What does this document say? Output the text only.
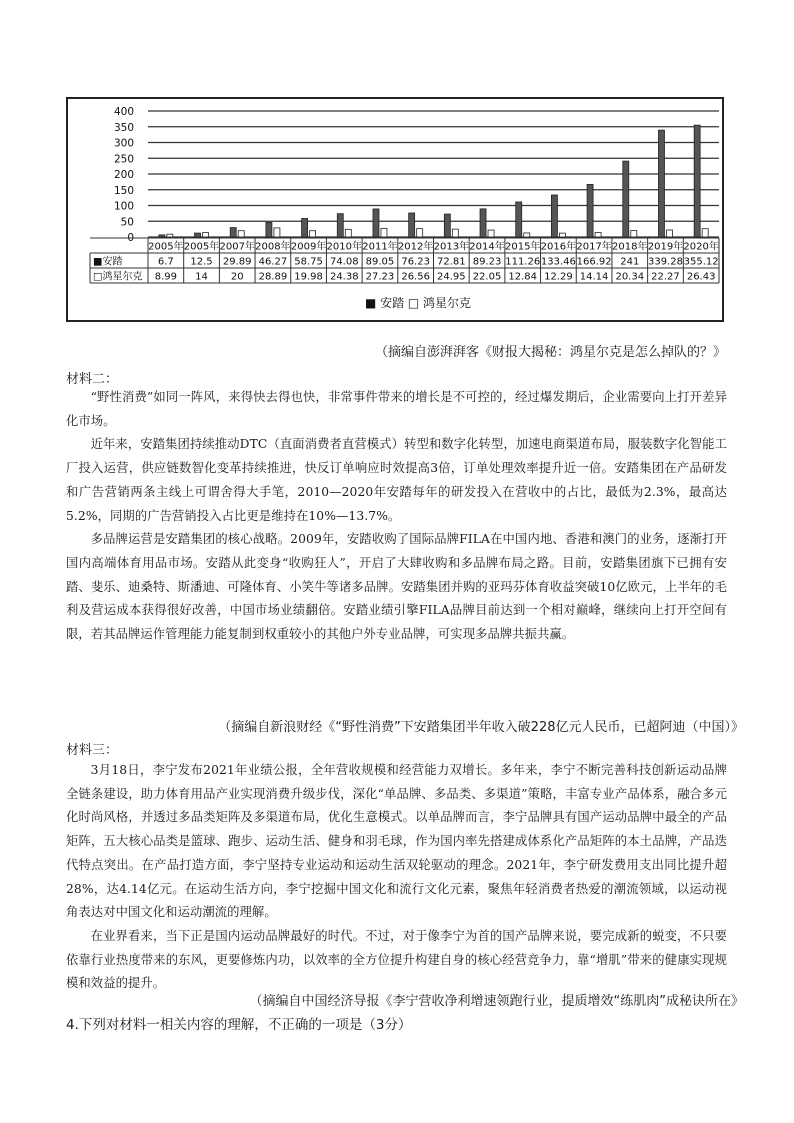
0
50
100
150
200
250
300
350
400
2005年 2005年 2007年 2008年 2009年 2010年 2011年 2012年 2013年 2014年 2015年 2016年 2017年 2018年 2019年 2020年
■安踏	6.7 12.5 29.89 46.27 58.75 74.08 89.05 76.23 72.81 89.23 111.26 133.46 166.92 241 339.28 355.12
□鸿星尔克 8.99 14 20 28.89 19.98 24.38 27.23 26.56 24.95 22.05 12.84 12.29 14.14 20.34 22.27 26.43
■ 安踏 □ 鸿星尔克
（摘编自澎湃湃客《财报大揭秘：鸿星尔克是怎么掉队的？》
材料二：

“野性消费”如同一阵风，来得快去得也快，非常事件带来的增长是不可控的，经过爆发期后，企业需要向上打开差异化市场。

近年来，安踏集团持续推动DTC（直面消费者直营模式）转型和数字化转型，加速电商渠道布局，服装数字化智能工厂投入运营，供应链数智化变革持续推进，快反订单响应时效提高3倍，订单处理效率提升近一倍。安踏集团在产品研发和广告营销两条主线上可谓舍得大手笔，2010—2020年安踏每年的研发投入在营收中的占比，最低为2.3%，最高达5.2%，同期的广告营销投入占比更是维持在10%—13.7%。

多品牌运营是安踏集团的核心战略。2009年，安踏收购了国际品牌FILA在中国内地、香港和澳门的业务，逐渐打开国内高端体育用品市场。安踏从此变身“收购狂人”，开启了大肆收购和多品牌布局之路。目前，安踏集团旗下已拥有安踏、斐乐、迪桑特、斯潘迪、可隆体育、小笑牛等诸多品牌。安踏集团并购的亚玛芬体育收益突破10亿欧元，上半年的毛利及营运成本获得很好改善，中国市场业绩翻倍。安踏业绩引擎FILA品牌目前达到一个相对巅峰，继续向上打开空间有限，若其品牌运作管理能力能复制到权重较小的其他户外专业品牌，可实现多品牌共振共赢。

（摘编自新浪财经《“野性消费”下安踏集团半年收入破228亿元人民币，已超阿迪（中国）》
材料三：

3月18日，李宁发布2021年业绩公报，全年营收规模和经营能力双增长。多年来，李宁不断完善科技创新运动品牌全链条建设，助力体育用品产业实现消费升级步伐，深化“单品牌、多品类、多渠道”策略，丰富专业产品体系，融合多元化时尚风格，并透过多品类矩阵及多渠道布局，优化生意模式。以单品牌而言，李宁品牌具有国产运动品牌中最全的产品矩阵，五大核心品类是篮球、跑步、运动生活、健身和羽毛球，作为国内率先搭建成体系化产品矩阵的本土品牌，产品迭代特点突出。在产品打造方面，李宁坚持专业运动和运动生活双轮驱动的理念。2021年，李宁研发费用支出同比提升超28%，达4.14亿元。在运动生活方向，李宁挖掘中国文化和流行文化元素，聚焦年轻消费者热爱的潮流领域，以运动视角表达对中国文化和运动潮流的理解。

在业界看来，当下正是国内运动品牌最好的时代。不过，对于像李宁为首的国产品牌来说，要完成新的蜕变，不只要依靠行业热度带来的东风，更要修炼内功，以效率的全方位提升构建自身的核心经营竞争力，靠“增肌”带来的健康实现规模和效益的提升。

（摘编自中国经济导报《李宁营收净利增速领跑行业，提质增效“练肌肉”成秘诀所在》
4.下列对材料一相关内容的理解，不正确的一项是（3分）
